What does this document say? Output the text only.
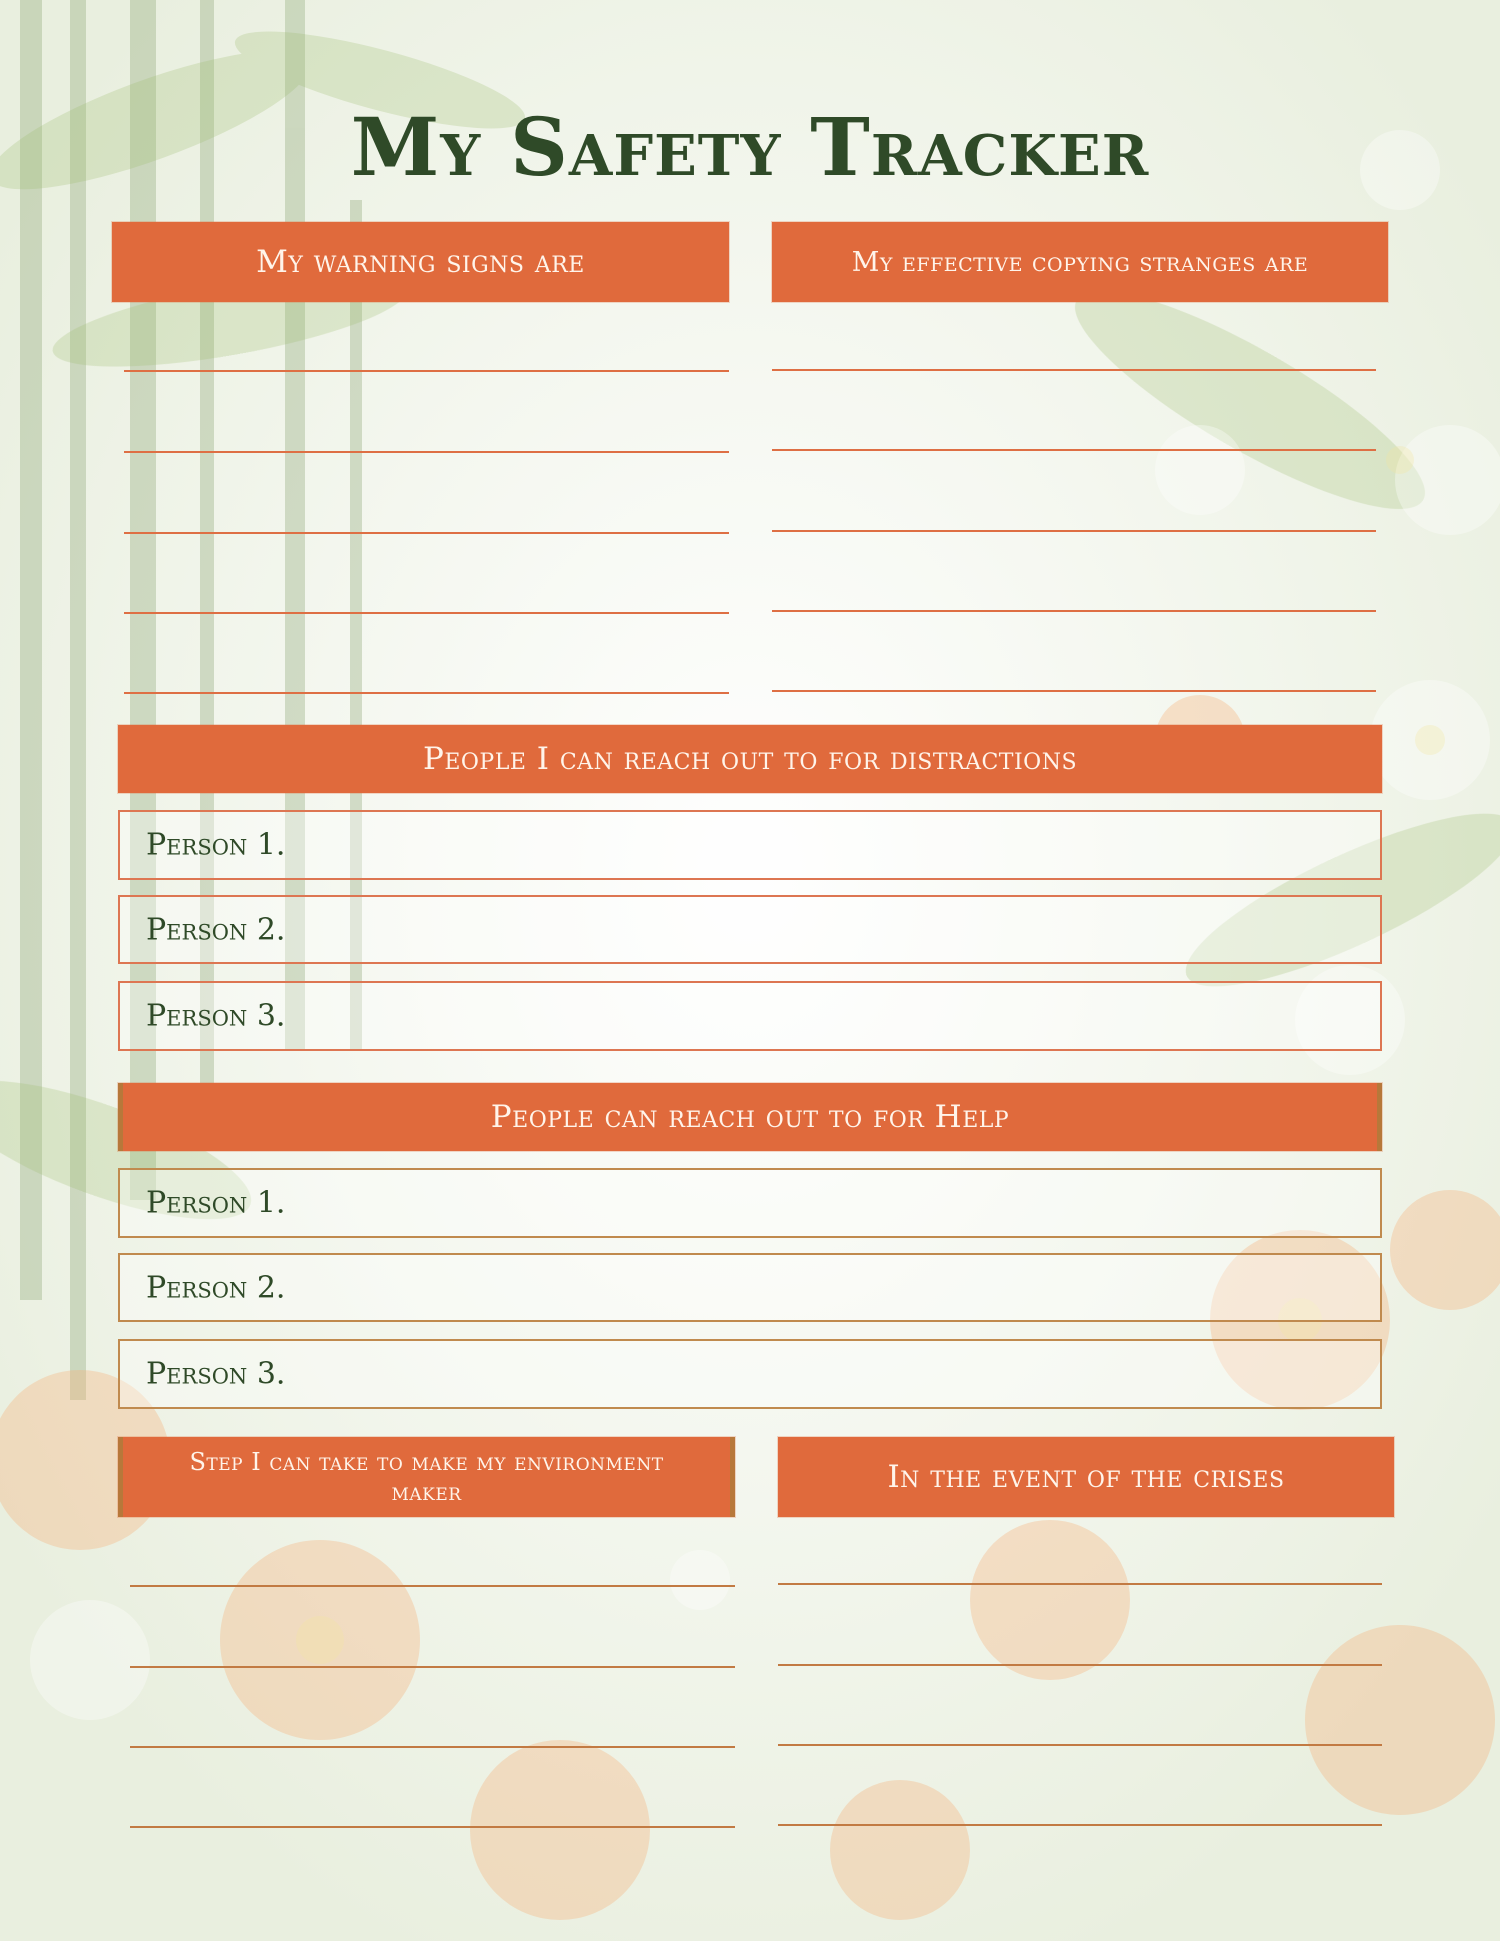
My Safety Tracker
My warning signs are	My effective copying stranges are
People I can reach out to for distractions
Person 1.
Person 2.
Person 3.
People can reach out to for Help
Person 1.
Person 2.
Person 3.
Step I can take to make my environment maker	In the event of the crises
